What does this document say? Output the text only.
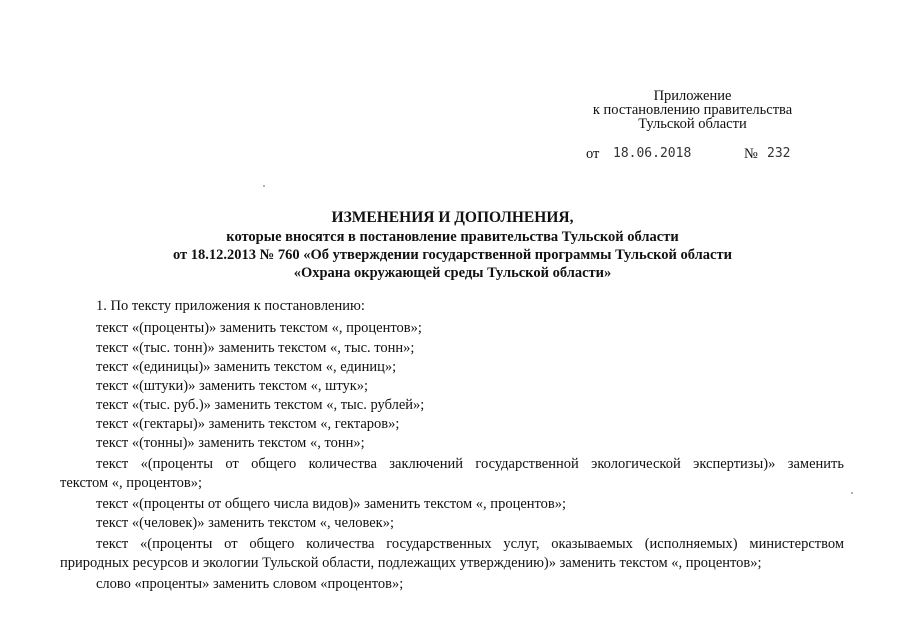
Приложение
к постановлению правительства
Тульской области
от 18.06.2018	№ 232
ИЗМЕНЕНИЯ И ДОПОЛНЕНИЯ,
которые вносятся в постановление правительства Тульской области
от 18.12.2013 № 760 «Об утверждении государственной программы Тульской области
«Охрана окружающей среды Тульской области»
1. По тексту приложения к постановлению:
текст «(проценты)» заменить текстом «, процентов»;
текст «(тыс. тонн)» заменить текстом «, тыс. тонн»;
текст «(единицы)» заменить текстом «, единиц»;
текст «(штуки)» заменить текстом «, штук»;
текст «(тыс. руб.)» заменить текстом «, тыс. рублей»;
текст «(гектары)» заменить текстом «, гектаров»;
текст «(тонны)» заменить текстом «, тонн»;
текст «(проценты от общего количества заключений государственной экологической экспертизы)» заменить
текстом «, процентов»;
текст «(проценты от общего числа видов)» заменить текстом «, процентов»;
текст «(человек)» заменить текстом «, человек»;
текст «(проценты от общего количества государственных услуг, оказываемых (исполняемых) министерством
природных ресурсов и экологии Тульской области, подлежащих утверждению)» заменить текстом «, процентов»;
слово «проценты» заменить словом «процентов»;
